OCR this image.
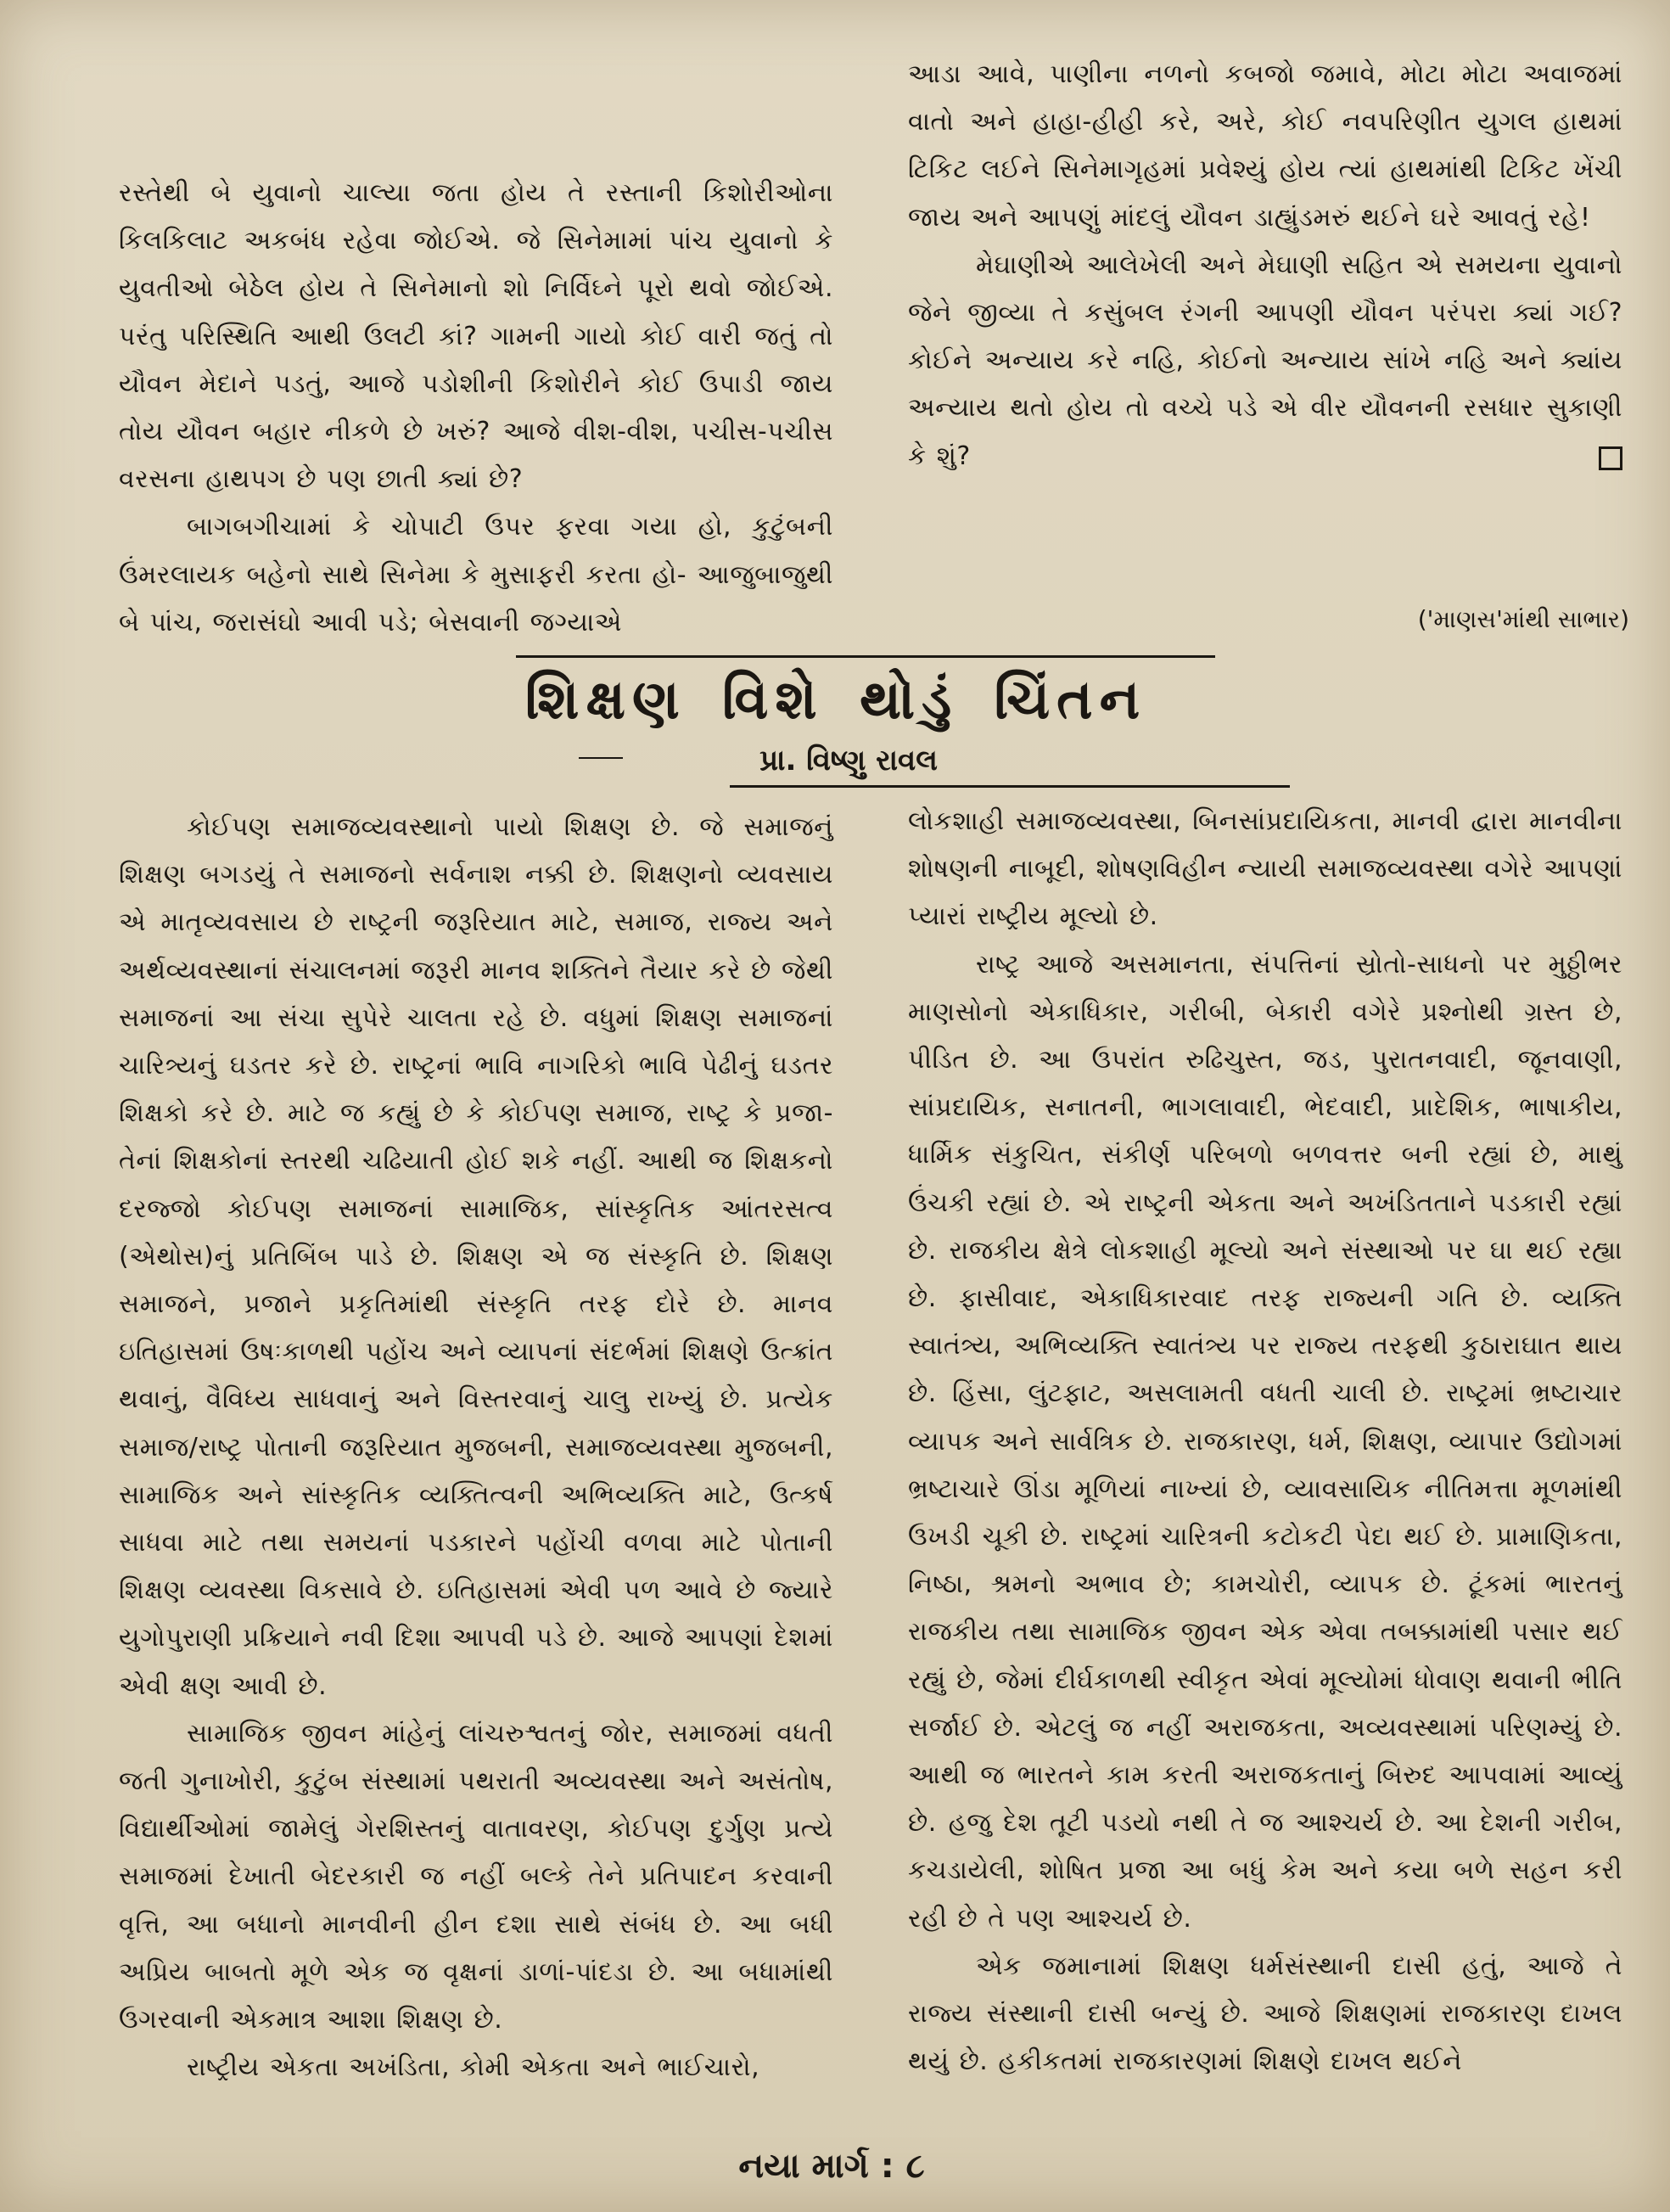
રસ્તેથી બે યુવાનો ચાલ્યા જતા હોય તે રસ્તાની કિશોરીઓના કિલકિલાટ અકબંધ રહેવા જોઈએ. જે સિનેમામાં પાંચ યુવાનો કે યુવતીઓ બેઠેલ હોય તે સિનેમાનો શો નિર્વિઘ્ને પૂરો થવો જોઈએ. પરંતુ પરિસ્થિતિ આથી ઉલટી કાં? ગામની ગાયો કોઈ વારી જતું તો યૌવન મેદાને પડતું, આજે પડોશીની કિશોરીને કોઈ ઉપાડી જાય તોય યૌવન બહાર નીકળે છે ખરું? આજે વીશ-વીશ, પચીસ-પચીસ વરસના હાથપગ છે પણ છાતી ક્યાં છે?

બાગબગીચામાં કે ચોપાટી ઉપર ફરવા ગયા હો, કુટુંબની ઉંમરલાયક બહેનો સાથે સિનેમા કે મુસાફરી કરતા હો- આજુબાજુથી બે પાંચ, જરાસંઘો આવી પડે; બેસવાની જગ્યાએ

આડા આવે, પાણીના નળનો કબજો જમાવે, મોટા મોટા અવાજમાં વાતો અને હાહા-હીહી કરે, અરે, કોઈ નવપરિણીત યુગલ હાથમાં ટિકિટ લઈને સિનેમાગૃહમાં પ્રવેશ્યું હોય ત્યાં હાથમાંથી ટિકિટ ખેંચી જાય અને આપણું માંદલું યૌવન ડાહ્યુંડમરું થઈને ઘરે આવતું રહે!

મેઘાણીએ આલેખેલી અને મેઘાણી સહિત એ સમયના યુવાનો જેને જીવ્યા તે કસુંબલ રંગની આપણી યૌવન પરંપરા ક્યાં ગઈ? કોઈને અન્યાય કરે નહિ, કોઈનો અન્યાય સાંખે નહિ અને ક્યાંય અન્યાય થતો હોય તો વચ્ચે પડે એ વીર યૌવનની રસધાર સુકાણી કે શું?

('માણસ'માંથી સાભાર)
શિક્ષણ વિશે થોડું ચિંતન
પ્રા. વિષ્ણુ રાવલ

કોઈપણ સમાજવ્યવસ્થાનો પાયો શિક્ષણ છે. જે સમાજનું શિક્ષણ બગડયું તે સમાજનો સર્વનાશ નક્કી છે. શિક્ષણનો વ્યવસાય એ માતૃવ્યવસાય છે રાષ્ટ્રની જરૂરિયાત માટે, સમાજ, રાજ્ય અને અર્થવ્યવસ્થાનાં સંચાલનમાં જરૂરી માનવ શક્તિને તૈયાર કરે છે જેથી સમાજનાં આ સંચા સુપેરે ચાલતા રહે છે. વધુમાં શિક્ષણ સમાજનાં ચારિત્ર્યનું ઘડતર કરે છે. રાષ્ટ્રનાં ભાવિ નાગરિકો ભાવિ પેઢીનું ઘડતર શિક્ષકો કરે છે. માટે જ કહ્યું છે કે કોઈપણ સમાજ, રાષ્ટ્ર કે પ્રજા-તેનાં શિક્ષકોનાં સ્તરથી ચઢિયાતી હોઈ શકે નહીં. આથી જ શિક્ષકનો દરજ્જો કોઈપણ સમાજનાં સામાજિક, સાંસ્કૃતિક આંતરસત્વ (એથોસ)નું પ્રતિબિંબ પાડે છે. શિક્ષણ એ જ સંસ્કૃતિ છે. શિક્ષણ સમાજને, પ્રજાને પ્રકૃતિમાંથી સંસ્કૃતિ તરફ દોરે છે. માનવ ઇતિહાસમાં ઉષઃકાળથી પહોંચ અને વ્યાપનાં સંદર્ભમાં શિક્ષણે ઉત્ક્રાંત થવાનું, વૈવિધ્ય સાધવાનું અને વિસ્તરવાનું ચાલુ રાખ્યું છે. પ્રત્યેક સમાજ/રાષ્ટ્ર પોતાની જરૂરિયાત મુજબની, સમાજવ્યવસ્થા મુજબની, સામાજિક અને સાંસ્કૃતિક વ્યક્તિત્વની અભિવ્યક્તિ માટે, ઉત્કર્ષ સાધવા માટે તથા સમયનાં પડકારને પહોંચી વળવા માટે પોતાની શિક્ષણ વ્યવસ્થા વિકસાવે છે. ઇતિહાસમાં એવી પળ આવે છે જ્યારે યુગોપુરાણી પ્રક્રિયાને નવી દિશા આપવી પડે છે. આજે આપણાં દેશમાં એવી ક્ષણ આવી છે.

સામાજિક જીવન માંહેનું લાંચરુશ્વતનું જોર, સમાજમાં વધતી જતી ગુનાખોરી, કુટુંબ સંસ્થામાં પથરાતી અવ્યવસ્થા અને અસંતોષ, વિદ્યાર્થીઓમાં જામેલું ગેરશિસ્તનું વાતાવરણ, કોઈપણ દુર્ગુણ પ્રત્યે સમાજમાં દેખાતી બેદરકારી જ નહીં બલ્કે તેને પ્રતિપાદન કરવાની વૃત્તિ, આ બધાનો માનવીની હીન દશા સાથે સંબંધ છે. આ બધી અપ્રિય બાબતો મૂળે એક જ વૃક્ષનાં ડાળાં-પાંદડા છે. આ બધામાંથી ઉગરવાની એકમાત્ર આશા શિક્ષણ છે.

રાષ્ટ્રીય એકતા અખંડિતા, કોમી એકતા અને ભાઈચારો,

લોકશાહી સમાજવ્યવસ્થા, બિનસાંપ્રદાયિકતા, માનવી દ્વારા માનવીના શોષણની નાબૂદી, શોષણવિહીન ન્યાયી સમાજવ્યવસ્થા વગેરે આપણાં પ્યારાં રાષ્ટ્રીય મૂલ્યો છે.

રાષ્ટ્ર આજે અસમાનતા, સંપત્તિનાં સ્રોતો-સાધનો પર મુઠ્ઠીભર માણસોનો એકાધિકાર, ગરીબી, બેકારી વગેરે પ્રશ્નોથી ગ્રસ્ત છે, પીડિત છે. આ ઉપરાંત રુઢિચુસ્ત, જડ, પુરાતનવાદી, જૂનવાણી, સાંપ્રદાયિક, સનાતની, ભાગલાવાદી, ભેદવાદી, પ્રાદેશિક, ભાષાકીય, ધાર્મિક સંકુચિત, સંકીર્ણ પરિબળો બળવત્તર બની રહ્યાં છે, માથું ઉંચકી રહ્યાં છે. એ રાષ્ટ્રની એકતા અને અખંડિતતાને પડકારી રહ્યાં છે. રાજકીય ક્ષેત્રે લોકશાહી મૂલ્યો અને સંસ્થાઓ પર ઘા થઈ રહ્યા છે. ફાસીવાદ, એકાધિકારવાદ તરફ રાજ્યની ગતિ છે. વ્યક્તિ સ્વાતંત્ર્ય, અભિવ્યક્તિ સ્વાતંત્ર્ય પર રાજ્ય તરફથી કુઠારાઘાત થાય છે. હિંસા, લુંટફાટ, અસલામતી વધતી ચાલી છે. રાષ્ટ્રમાં ભ્રષ્ટાચાર વ્યાપક અને સાર્વત્રિક છે. રાજકારણ, ધર્મ, શિક્ષણ, વ્યાપાર ઉદ્યોગમાં ભ્રષ્ટાચારે ઊંડા મૂળિયાં નાખ્યાં છે, વ્યાવસાયિક નીતિમત્તા મૂળમાંથી ઉખડી ચૂકી છે. રાષ્ટ્રમાં ચારિત્રની કટોકટી પેદા થઈ છે. પ્રામાણિકતા, નિષ્ઠા, શ્રમનો અભાવ છે; કામચોરી, વ્યાપક છે. ટૂંકમાં ભારતનું રાજકીય તથા સામાજિક જીવન એક એવા તબક્કામાંથી પસાર થઈ રહ્યું છે, જેમાં દીર્ઘકાળથી સ્વીકૃત એવાં મૂલ્યોમાં ધોવાણ થવાની ભીતિ સર્જાઈ છે. એટલું જ નહીં અરાજકતા, અવ્યવસ્થામાં પરિણમ્યું છે. આથી જ ભારતને કામ કરતી અરાજકતાનું બિરુદ આપવામાં આવ્યું છે. હજુ દેશ તૂટી પડયો નથી તે જ આશ્ચર્ય છે. આ દેશની ગરીબ, કચડાયેલી, શોષિત પ્રજા આ બધું કેમ અને કયા બળે સહન કરી રહી છે તે પણ આશ્ચર્ય છે.

એક જમાનામાં શિક્ષણ ધર્મસંસ્થાની દાસી હતું, આજે તે રાજ્ય સંસ્થાની દાસી બન્યું છે. આજે શિક્ષણમાં રાજકારણ દાખલ થયું છે. હકીકતમાં રાજકારણમાં શિક્ષણે દાખલ થઈને

નયા માર્ગ : ૮
